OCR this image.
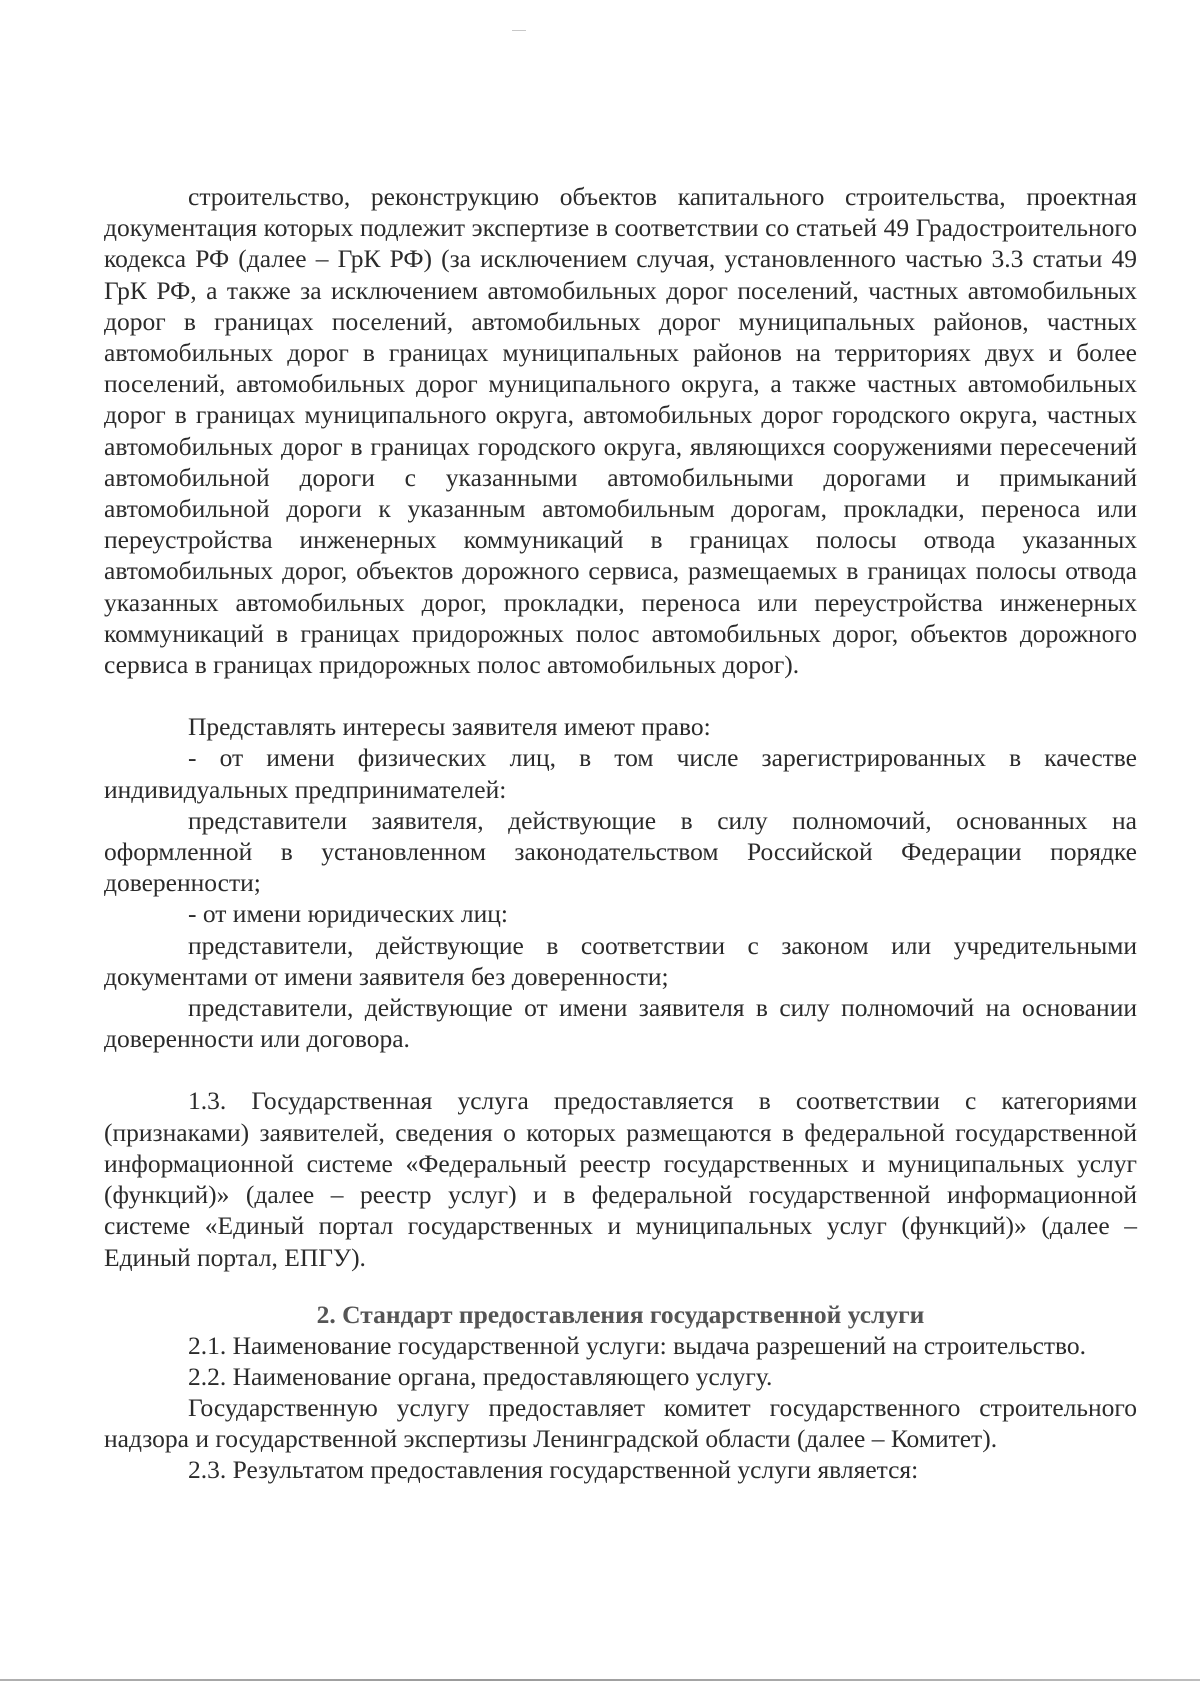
строительство, реконструкцию объектов капитального строительства, проектная документация которых подлежит экспертизе в соответствии со статьей 49 Градостроительного кодекса РФ (далее – ГрК РФ) (за исключением случая, установленного частью 3.3 статьи 49 ГрК РФ, а также за исключением автомобильных дорог поселений, частных автомобильных дорог в границах поселений, автомобильных дорог муниципальных районов, частных автомобильных дорог в границах муниципальных районов на территориях двух и более поселений, автомобильных дорог муниципального округа, а также частных автомобильных дорог в границах муниципального округа, автомобильных дорог городского округа, частных автомобильных дорог в границах городского округа, являющихся сооружениями пересечений автомобильной дороги с указанными автомобильными дорогами и примыканий автомобильной дороги к указанным автомобильным дорогам, прокладки, переноса или переустройства инженерных коммуникаций в границах полосы отвода указанных автомобильных дорог, объектов дорожного сервиса, размещаемых в границах полосы отвода указанных автомобильных дорог, прокладки, переноса или переустройства инженерных коммуникаций в границах придорожных полос автомобильных дорог, объектов дорожного сервиса в границах придорожных полос автомобильных дорог).

Представлять интересы заявителя имеют право:

- от имени физических лиц, в том числе зарегистрированных в качестве индивидуальных предпринимателей:

представители заявителя, действующие в силу полномочий, основанных на оформленной в установленном законодательством Российской Федерации порядке доверенности;

- от имени юридических лиц:

представители, действующие в соответствии с законом или учредительными документами от имени заявителя без доверенности;

представители, действующие от имени заявителя в силу полномочий на основании доверенности или договора.

1.3. Государственная услуга предоставляется в соответствии с категориями (признаками) заявителей, сведения о которых размещаются в федеральной государственной информационной системе «Федеральный реестр государственных и муниципальных услуг (функций)» (далее – реестр услуг) и в федеральной государственной информационной системе «Единый портал государственных и муниципальных услуг (функций)» (далее – Единый портал, ЕПГУ).

2. Стандарт предоставления государственной услуги

2.1. Наименование государственной услуги: выдача разрешений на строительство.

2.2. Наименование органа, предоставляющего услугу.

Государственную услугу предоставляет комитет государственного строительного надзора и государственной экспертизы Ленинградской области (далее – Комитет).

2.3. Результатом предоставления государственной услуги является:
